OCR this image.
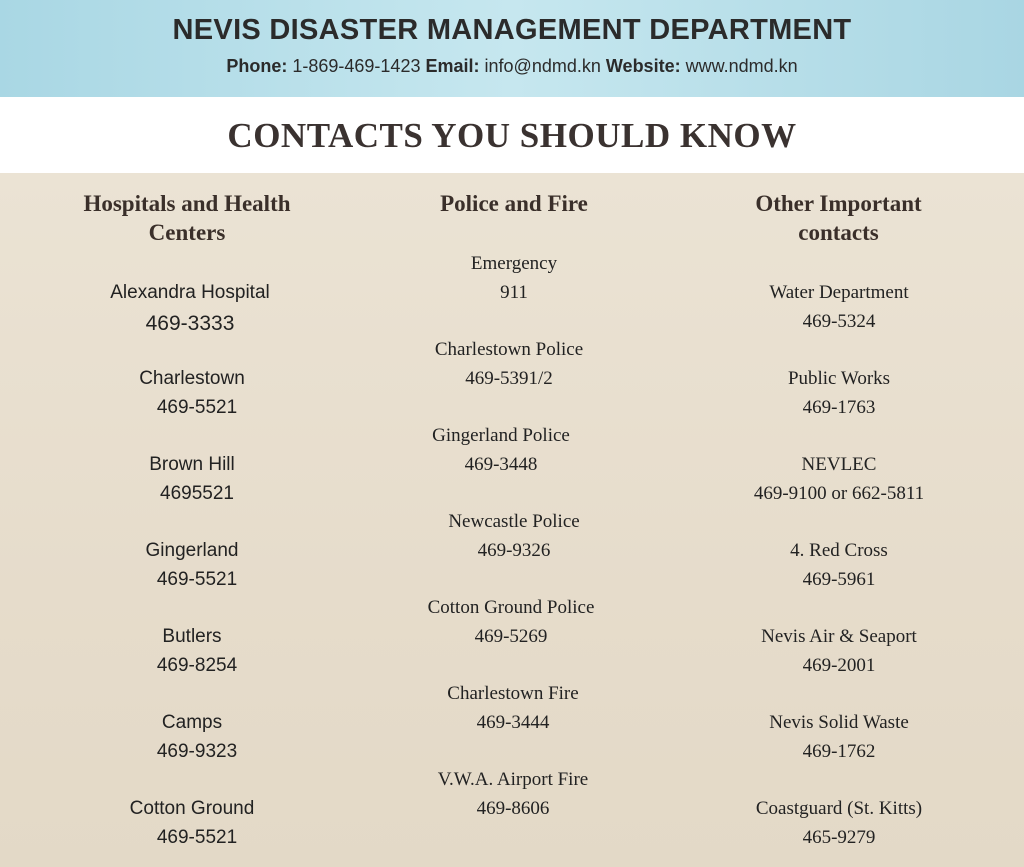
NEVIS DISASTER MANAGEMENT DEPARTMENT
Phone: 1-869-469-1423 Email: info@ndmd.kn Website: www.ndmd.kn
CONTACTS YOU SHOULD KNOW
Hospitals and Health
Centers
Alexandra Hospital
469-3333
Charlestown
469-5521
Brown Hill
4695521
Gingerland
469-5521
Butlers
469-8254
Camps
469-9323
Cotton Ground
469-5521
Police and Fire
Emergency
911
Charlestown Police
469-5391/2
Gingerland Police
469-3448
Newcastle Police
469-9326
Cotton Ground Police
469-5269
Charlestown Fire
469-3444
V.W.A. Airport Fire
469-8606
Other Important
contacts
Water Department
469-5324
Public Works
469-1763
NEVLEC
469-9100 or 662-5811
4. Red Cross
469-5961
Nevis Air & Seaport
469-2001
Nevis Solid Waste
469-1762
Coastguard (St. Kitts)
465-9279
